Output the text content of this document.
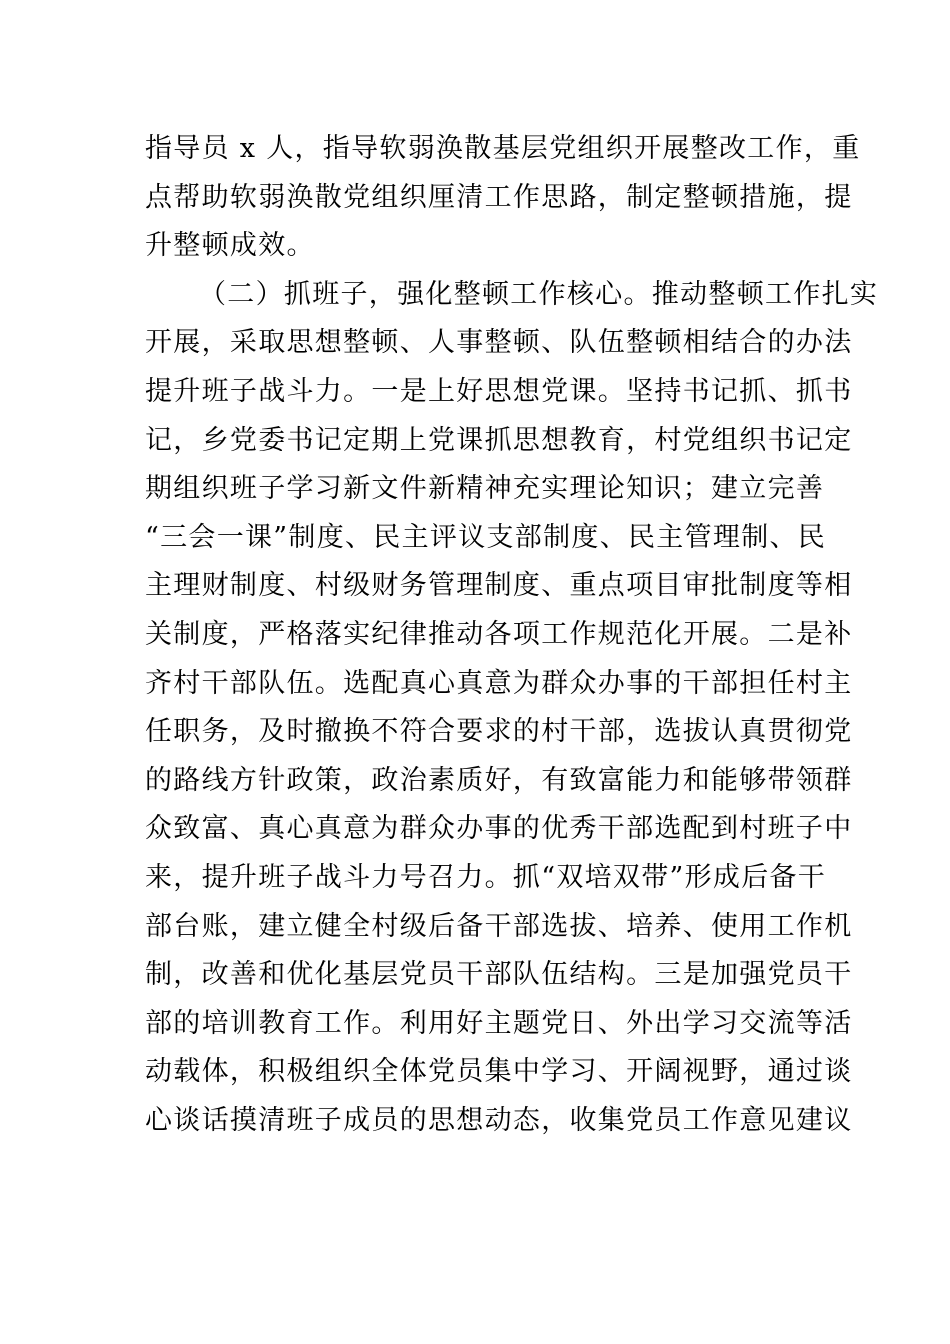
指导员 x 人，指导软弱涣散基层党组织开展整改工作，重
点帮助软弱涣散党组织厘清工作思路，制定整顿措施，提
升整顿成效。
（二）抓班子，强化整顿工作核心。推动整顿工作扎实
开展，采取思想整顿、人事整顿、队伍整顿相结合的办法
提升班子战斗力。一是上好思想党课。坚持书记抓、抓书
记，乡党委书记定期上党课抓思想教育，村党组织书记定
期组织班子学习新文件新精神充实理论知识；建立完善
“三会一课”制度、民主评议支部制度、民主管理制、民
主理财制度、村级财务管理制度、重点项目审批制度等相
关制度，严格落实纪律推动各项工作规范化开展。二是补
齐村干部队伍。选配真心真意为群众办事的干部担任村主
任职务，及时撤换不符合要求的村干部，选拔认真贯彻党
的路线方针政策，政治素质好，有致富能力和能够带领群
众致富、真心真意为群众办事的优秀干部选配到村班子中
来，提升班子战斗力号召力。抓“双培双带”形成后备干
部台账，建立健全村级后备干部选拔、培养、使用工作机
制，改善和优化基层党员干部队伍结构。三是加强党员干
部的培训教育工作。利用好主题党日、外出学习交流等活
动载体，积极组织全体党员集中学习、开阔视野，通过谈
心谈话摸清班子成员的思想动态，收集党员工作意见建议
